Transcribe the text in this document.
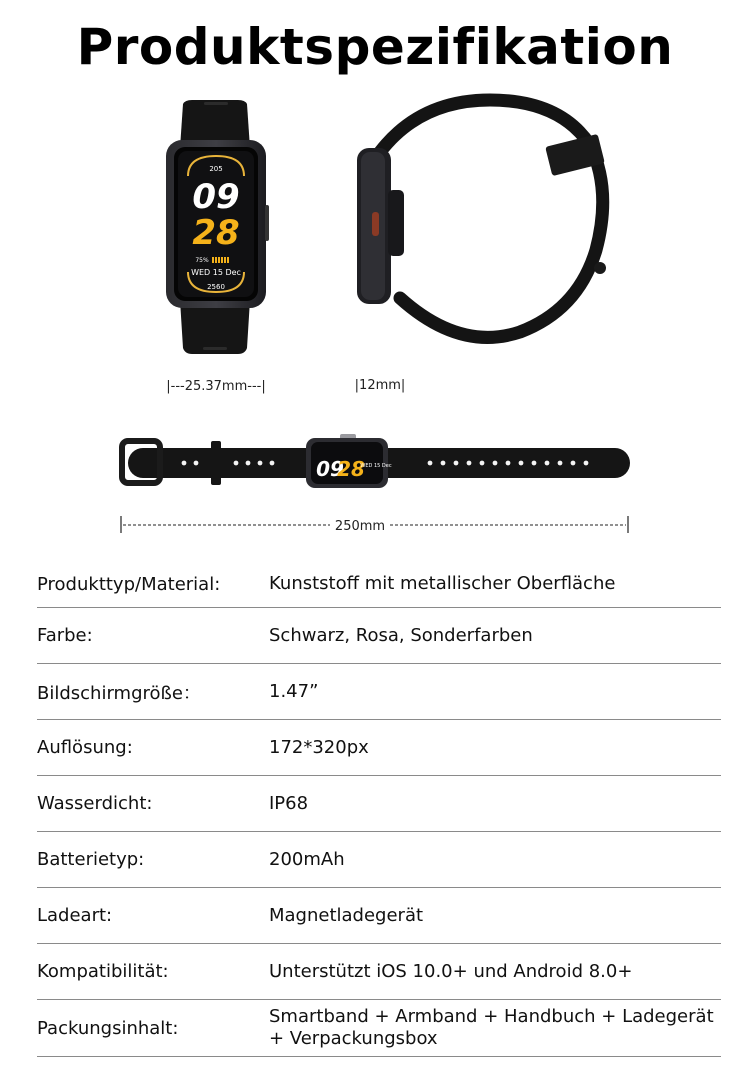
Produktspezifikation
205
09
28
75%
WED 15 Dec
2560
|---25.37mm---|	|12mm|
09
28
WED 15 Dec
250mm
Produkttyp/Material:	Kunststoff mit metallischer Oberfläche
Farbe:	Schwarz, Rosa, Sonderfarben
Bildschirmgröße：	1.47”
Auflösung:	172*320px
Wasserdicht:	IP68
Batterietyp:	200mAh
Ladeart:	Magnetladegerät
Kompatibilität:	Unterstützt iOS 10.0+ und Android 8.0+
Packungsinhalt:
Smartband + Armband + Handbuch + Ladegerät + Verpackungsbox
